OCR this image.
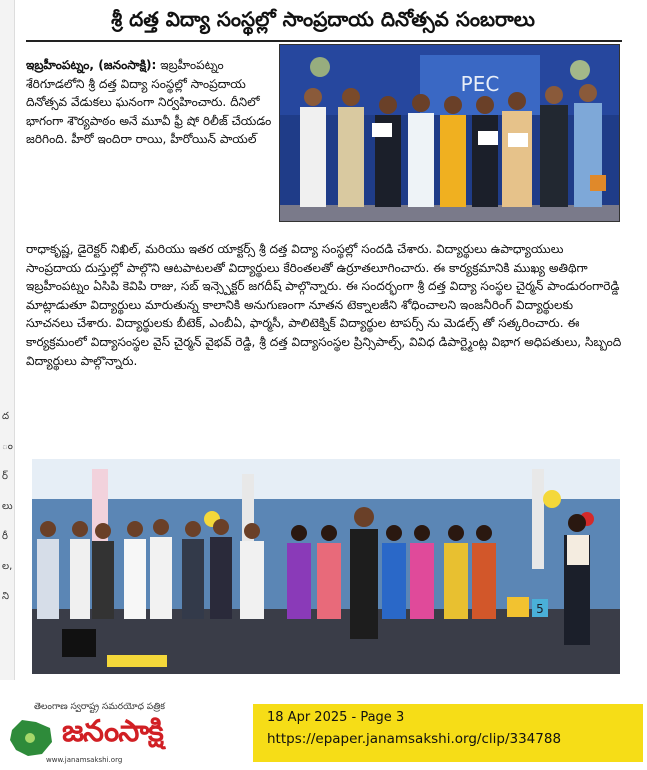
ద
ం
ర్
లు
రీ
ల,
ని
శ్రీ దత్త విద్యా సంస్థల్లో సాంప్రదాయ దినోత్సవ సంబరాలు
ఇబ్రహీంపట్నం, (జనంసాక్షి): ఇబ్రహీంపట్నం శేరిగూడలోని శ్రీ దత్త విద్యా సంస్థల్లో సాంప్రదాయ దినోత్సవ వేడుకలు ఘనంగా నిర్వహించారు. దీనిలో భాగంగా శౌర్యపాఠం అనే మూవీ ఫ్రీ షో రిలీజ్ చేయడం జరిగింది. హీరో ఇందిరా రాయి, హీరోయిన్ పాయల్
రాధాకృష్ణ, డైరెక్టర్ నిఖిల్, మరియు ఇతర యాక్టర్స్ శ్రీ దత్త విద్యా సంస్థల్లో సందడి చేశారు. విద్యార్థులు ఉపాధ్యాయులు సాంప్రదాయ దుస్తుల్లో పాల్గొని ఆటపాటలతో విద్యార్థులు కేరింతలతో ఉర్రూతలూగించారు. ఈ కార్యక్రమానికి ముఖ్య అతిథిగా ఇబ్రహీంపట్నం ఏసిపి కెవిపి రాజు, సబ్ ఇన్స్పెక్టర్ జగదీష్ పాల్గొన్నారు. ఈ సందర్భంగా శ్రీ దత్త విద్యా సంస్థల చైర్మన్ పాండురంగారెడ్డి మాట్లాడుతూ విద్యార్థులు మారుతున్న కాలానికి అనుగుణంగా నూతన టెక్నాలజీని శోధించాలని ఇంజనీరింగ్ విద్యార్థులకు సూచనలు చేశారు. విద్యార్థులకు బీటెక్, ఎంబీఏ, ఫార్మసీ, పాలిటెక్నిక్ విద్యార్థుల టాపర్స్ ను మెడల్స్ తో సత్కరించారు. ఈ కార్యక్రమంలో విద్యాసంస్థల వైస్ చైర్మన్ వైభవ్ రెడ్డి, శ్రీ దత్త విద్యాసంస్థల ప్రిన్సిపాల్స్, వివిధ డిపార్ట్మెంట్ల విభాగ అధిపతులు, సిబ్బంది విద్యార్థులు పాల్గొన్నారు.
PEC
5
తెలంగాణ స్వరాష్ట్ర సమరయోధ పత్రిక
జనంసాక్షి
www.janamsakshi.org
18 Apr 2025 - Page 3
https://epaper.janamsakshi.org/clip/334788
